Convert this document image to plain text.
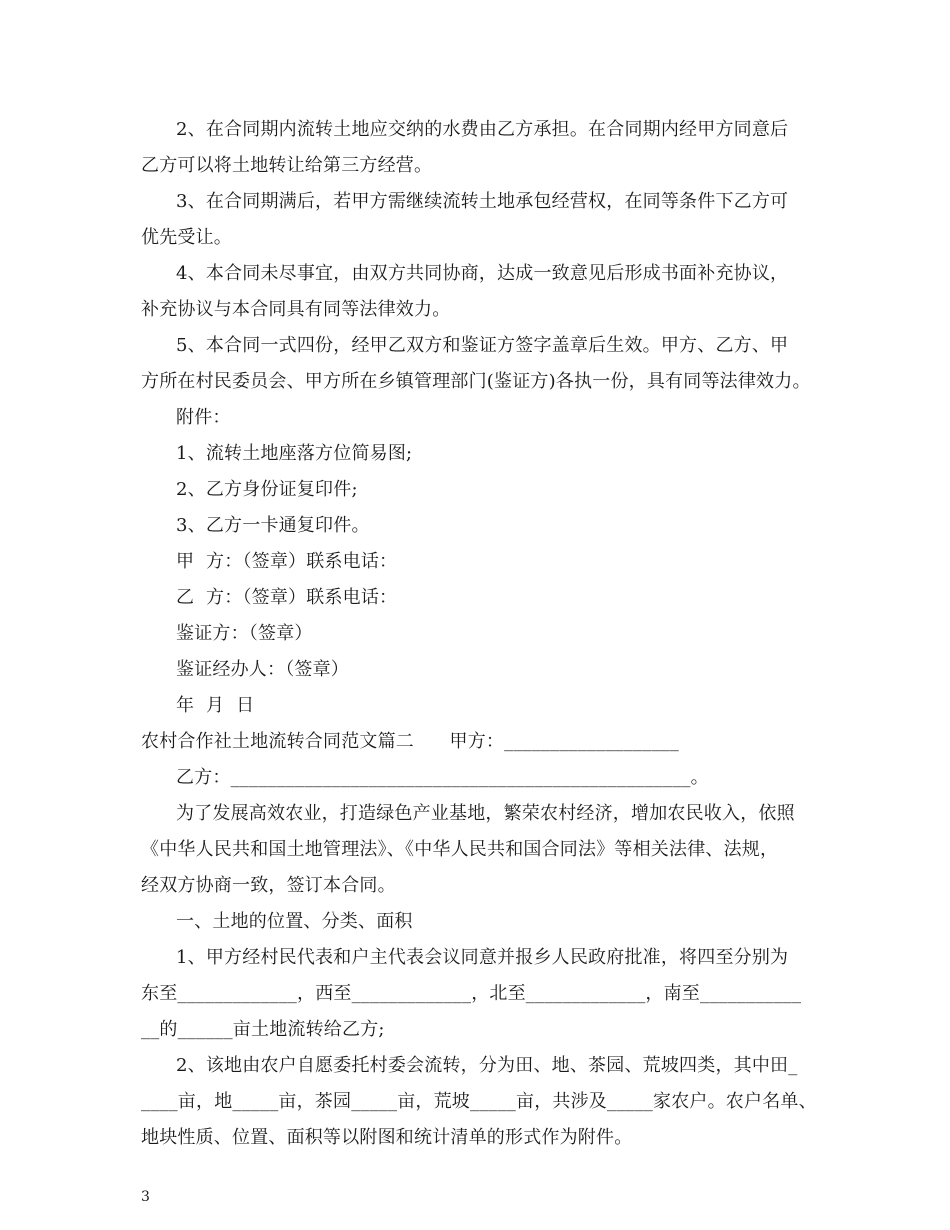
2、在合同期内流转土地应交纳的水费由乙方承担。在合同期内经甲方同意后
乙方可以将土地转让给第三方经营。
3、在合同期满后，若甲方需继续流转土地承包经营权，在同等条件下乙方可
优先受让。
4、本合同未尽事宜，由双方共同协商，达成一致意见后形成书面补充协议，
补充协议与本合同具有同等法律效力。
5、本合同一式四份，经甲乙双方和鉴证方签字盖章后生效。甲方、乙方、甲
方所在村民委员会、甲方所在乡镇管理部门(鉴证方)各执一份，具有同等法律效力。
附件：
1、流转土地座落方位简易图;
2、乙方身份证复印件;
3、乙方一卡通复印件。
甲  方：（签章）联系电话：
乙  方：（签章）联系电话：
鉴证方：（签章）
鉴证经办人：（签章）
年  月  日
农村合作社土地流转合同范文篇二      甲方：___________________
乙方：__________________________________________________。
为了发展高效农业，打造绿色产业基地，繁荣农村经济，增加农民收入，依照
《中华人民共和国土地管理法》、《中华人民共和国合同法》等相关法律、法规，
经双方协商一致，签订本合同。
一、土地的位置、分类、面积
1、甲方经村民代表和户主代表会议同意并报乡人民政府批准，将四至分别为
东至_____________，西至_____________，北至_____________，南至___________
__的______亩土地流转给乙方;
2、该地由农户自愿委托村委会流转，分为田、地、茶园、荒坡四类，其中田_
____亩，地_____亩，茶园_____亩，荒坡_____亩，共涉及_____家农户。农户名单、
地块性质、位置、面积等以附图和统计清单的形式作为附件。
3
